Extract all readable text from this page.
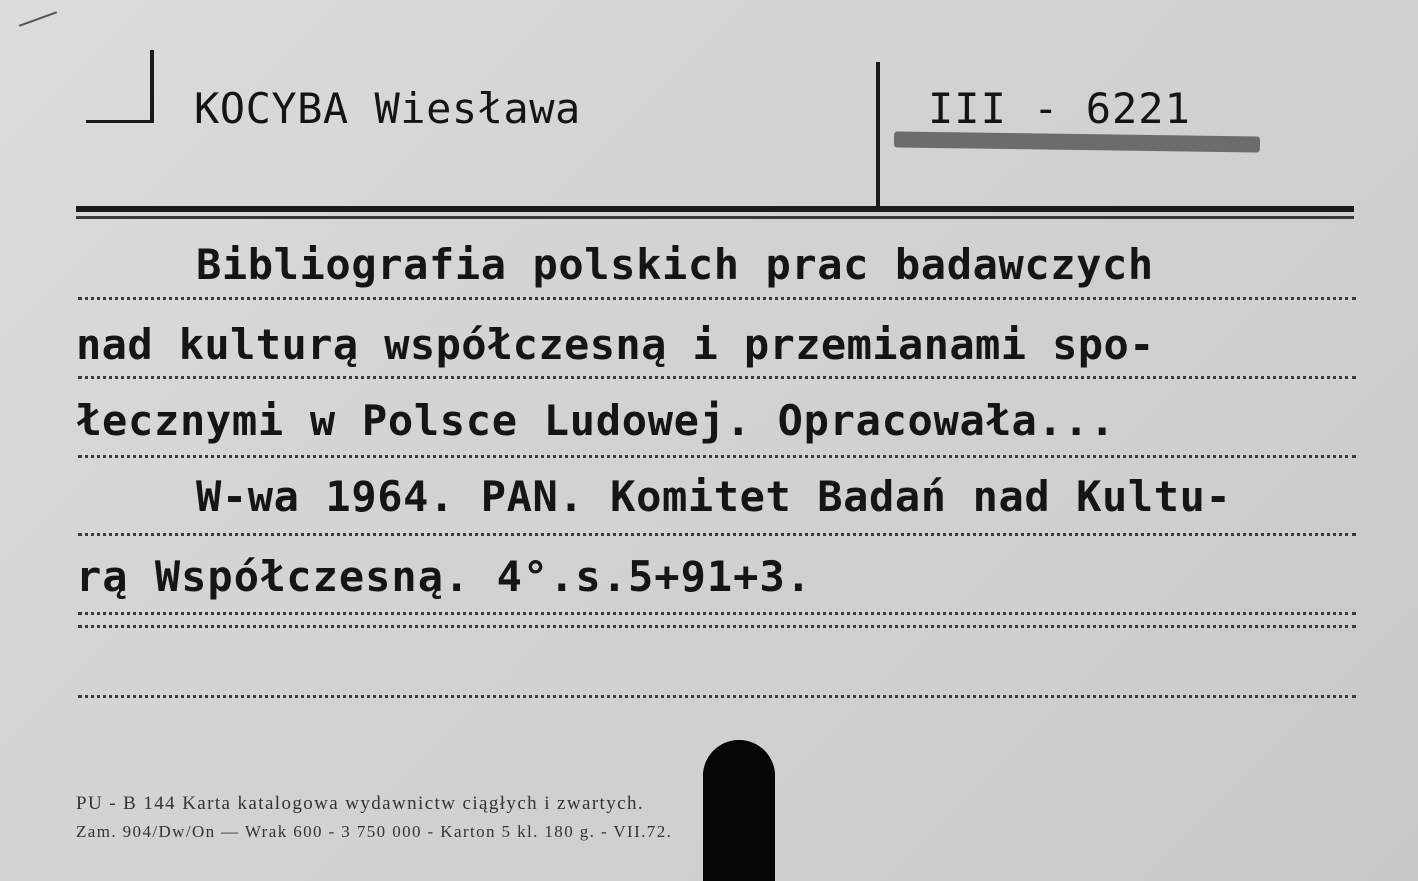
KOCYBA Wiesława	III - 6221
Bibliografia polskich prac badawczych
nad kulturą współczesną i przemianami spo-
łecznymi w Polsce Ludowej. Opracowała...
W-wa 1964. PAN. Komitet Badań nad Kultu-
rą Współczesną. 4°.s.5+91+3.
PU - B 144 Karta katalogowa wydawnictw ciągłych i zwartych.
Zam. 904/Dw/On — Wrak 600 - 3 750 000 - Karton 5 kl. 180 g. - VII.72.
